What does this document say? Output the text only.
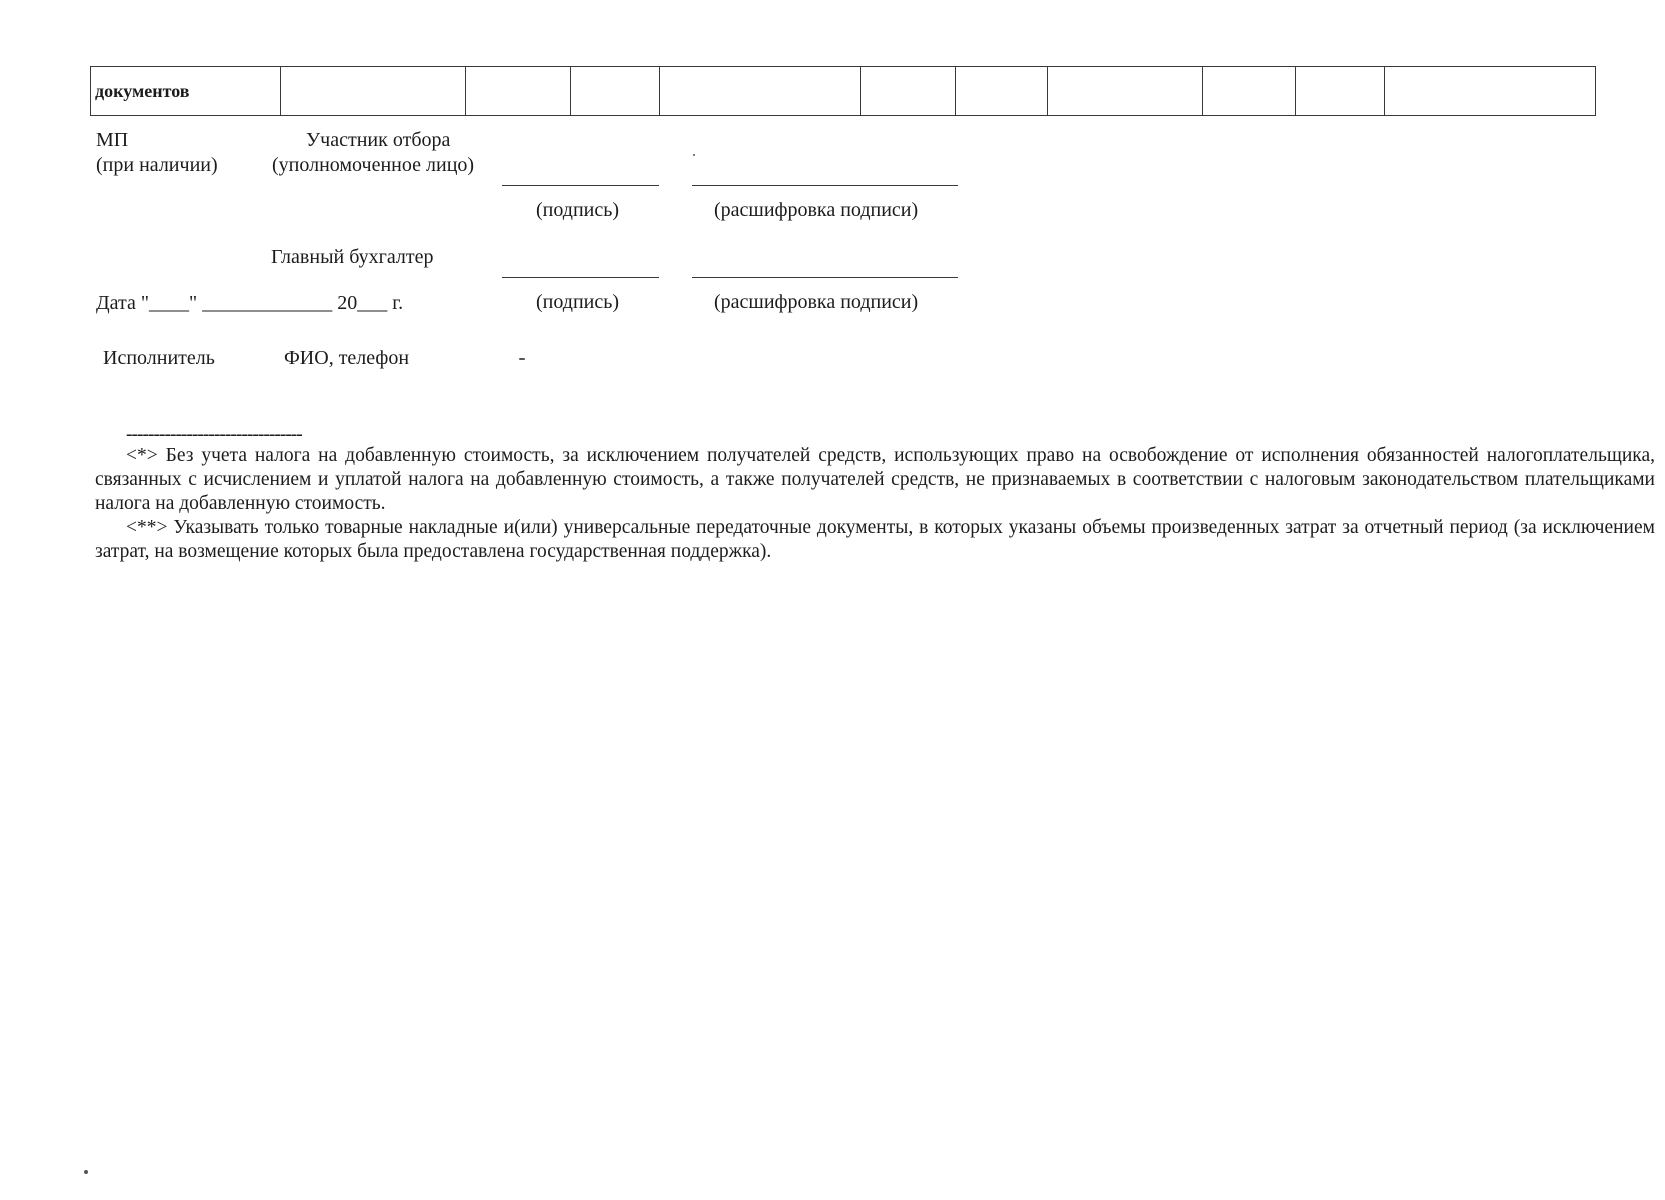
документов										
МП
(при наличии)
Участник отбора
(уполномоченное лицо)
(подпись)	(расшифровка подписи)
Главный бухгалтер
Дата "____" _____________ 20___ г.	(подпись)	(расшифровка подписи)
Исполнитель	ФИО, телефон
--------------------------------

<*> Без учета налога на добавленную стоимость, за исключением получателей средств, использующих право на освобождение от исполнения обязанностей налогоплательщика, связанных с исчислением и уплатой налога на добавленную стоимость, а также получателей средств, не признаваемых в соответствии с налоговым законодательством плательщиками налога на добавленную стоимость.

<**> Указывать только товарные накладные и(или) универсальные передаточные документы, в которых указаны объемы произведенных затрат за отчетный период (за исключением затрат, на возмещение которых была предоставлена государственная поддержка).
